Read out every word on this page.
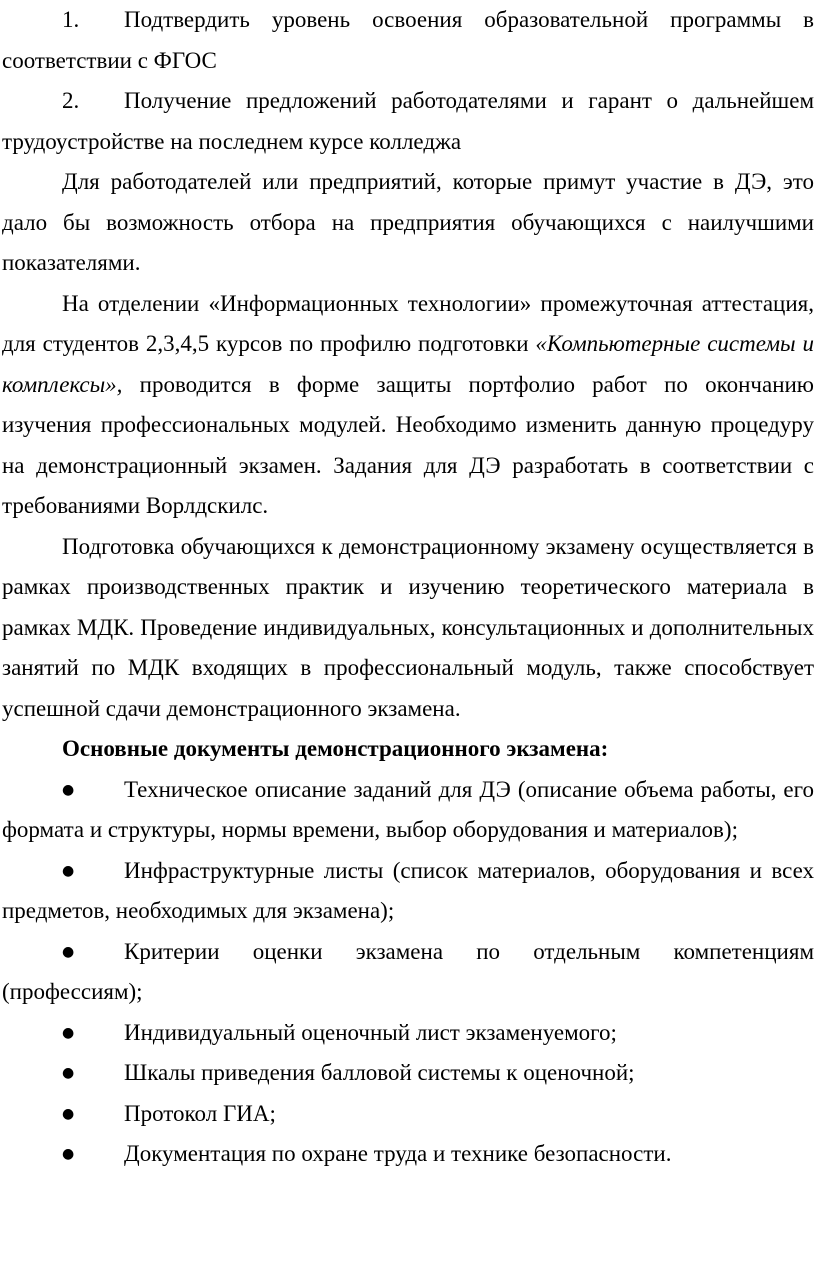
1. Подтвердить уровень освоения образовательной программы в соответствии с ФГОС

2. Получение предложений работодателями и гарант о дальнейшем трудоустройстве на последнем курсе колледжа

Для работодателей или предприятий, которые примут участие в ДЭ, это дало бы возможность отбора на предприятия обучающихся с наилучшими показателями.

На отделении «Информационных технологии» промежуточная аттестация, для студентов 2,3,4,5 курсов по профилю подготовки «Компьютерные системы и комплексы», проводится в форме защиты портфолио работ по окончанию изучения профессиональных модулей. Необходимо изменить данную процедуру на демонстрационный экзамен. Задания для ДЭ разработать в соответствии с требованиями Ворлдскилс.

Подготовка обучающихся к демонстрационному экзамену осуществляется в рамках производственных практик и изучению теоретического материала в рамках МДК. Проведение индивидуальных, консультационных и дополнительных занятий по МДК входящих в профессиональный модуль, также способствует успешной сдачи демонстрационного экзамена.

Основные документы демонстрационного экзамена:

● Техническое описание заданий для ДЭ (описание объема работы, его формата и структуры, нормы времени, выбор оборудования и материалов);

● Инфраструктурные листы (список материалов, оборудования и всех предметов, необходимых для экзамена);

● Критерии оценки экзамена по отдельным компетенциям (профессиям);

● Индивидуальный оценочный лист экзаменуемого;

● Шкалы приведения балловой системы к оценочной;

● Протокол ГИА;

● Документация по охране труда и технике безопасности.
